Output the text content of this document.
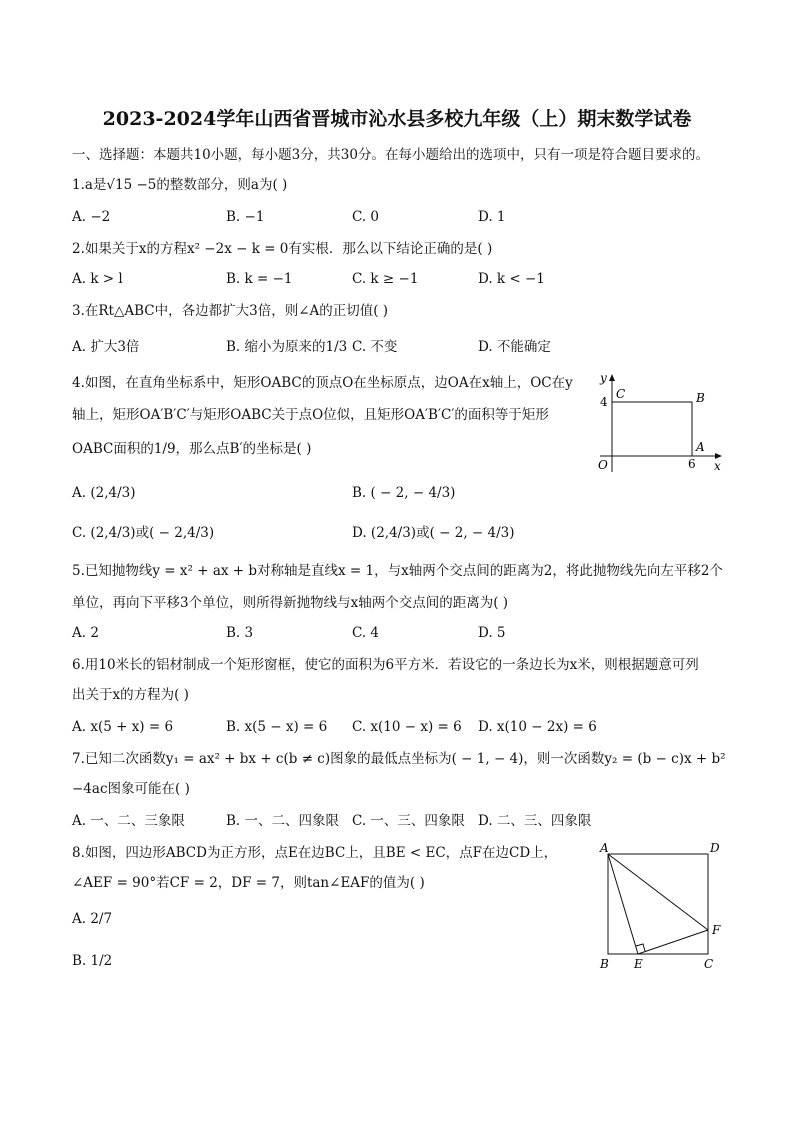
2023-2024学年山西省晋城市沁水县多校九年级（上）期末数学试卷
一、选择题：本题共10小题，每小题3分，共30分。在每小题给出的选项中，只有一项是符合题目要求的。
1.a是√15 −5的整数部分，则a为( )
A. −2	B. −1	C. 0	D. 1
2.如果关于x的方程x² −2x − k = 0有实根．那么以下结论正确的是( )
A. k > l	B. k = −1	C. k ≥ −1	D. k < −1
3.在Rt△ABC中，各边都扩大3倍，则∠A的正切值( )
A. 扩大3倍	B. 缩小为原来的1/3 C. 不变	D. 不能确定
4.如图，在直角坐标系中，矩形OABC的顶点O在坐标原点，边OA在x轴上，OC在y
轴上，矩形OA′B′C′与矩形OABC关于点O位似，且矩形OA′B′C′的面积等于矩形
OABC面积的1/9，那么点B′的坐标是( )
A. (2,4/3)	B. ( − 2, − 4/3)
C. (2,4/3)或( − 2,4/3)	D. (2,4/3)或( − 2, − 4/3)
y
x
O
C	B
A
4
6
5.已知抛物线y = x² + ax + b对称轴是直线x = 1，与x轴两个交点间的距离为2，将此抛物线先向左平移2个
单位，再向下平移3个单位，则所得新抛物线与x轴两个交点间的距离为( )
A. 2	B. 3	C. 4	D. 5
6.用10米长的铝材制成一个矩形窗框，使它的面积为6平方米．若设它的一条边长为x米，则根据题意可列
出关于x的方程为( )
A. x(5 + x) = 6	B. x(5 − x) = 6 C. x(10 − x) = 6 D. x(10 − 2x) = 6
7.已知二次函数y₁ = ax² + bx + c(b ≠ c)图象的最低点坐标为( − 1, − 4)，则一次函数y₂ = (b − c)x + b²
−4ac图象可能在( )
A. 一、二、三象限	B. 一、二、四象限 C. 一、三、四象限 D. 二、三、四象限
8.如图，四边形ABCD为正方形，点E在边BC上，且BE < EC，点F在边CD上，
∠AEF = 90°若CF = 2，DF = 7，则tan∠EAF的值为( )
A. 2/7
B. 1/2
A	D
B E	C
F
